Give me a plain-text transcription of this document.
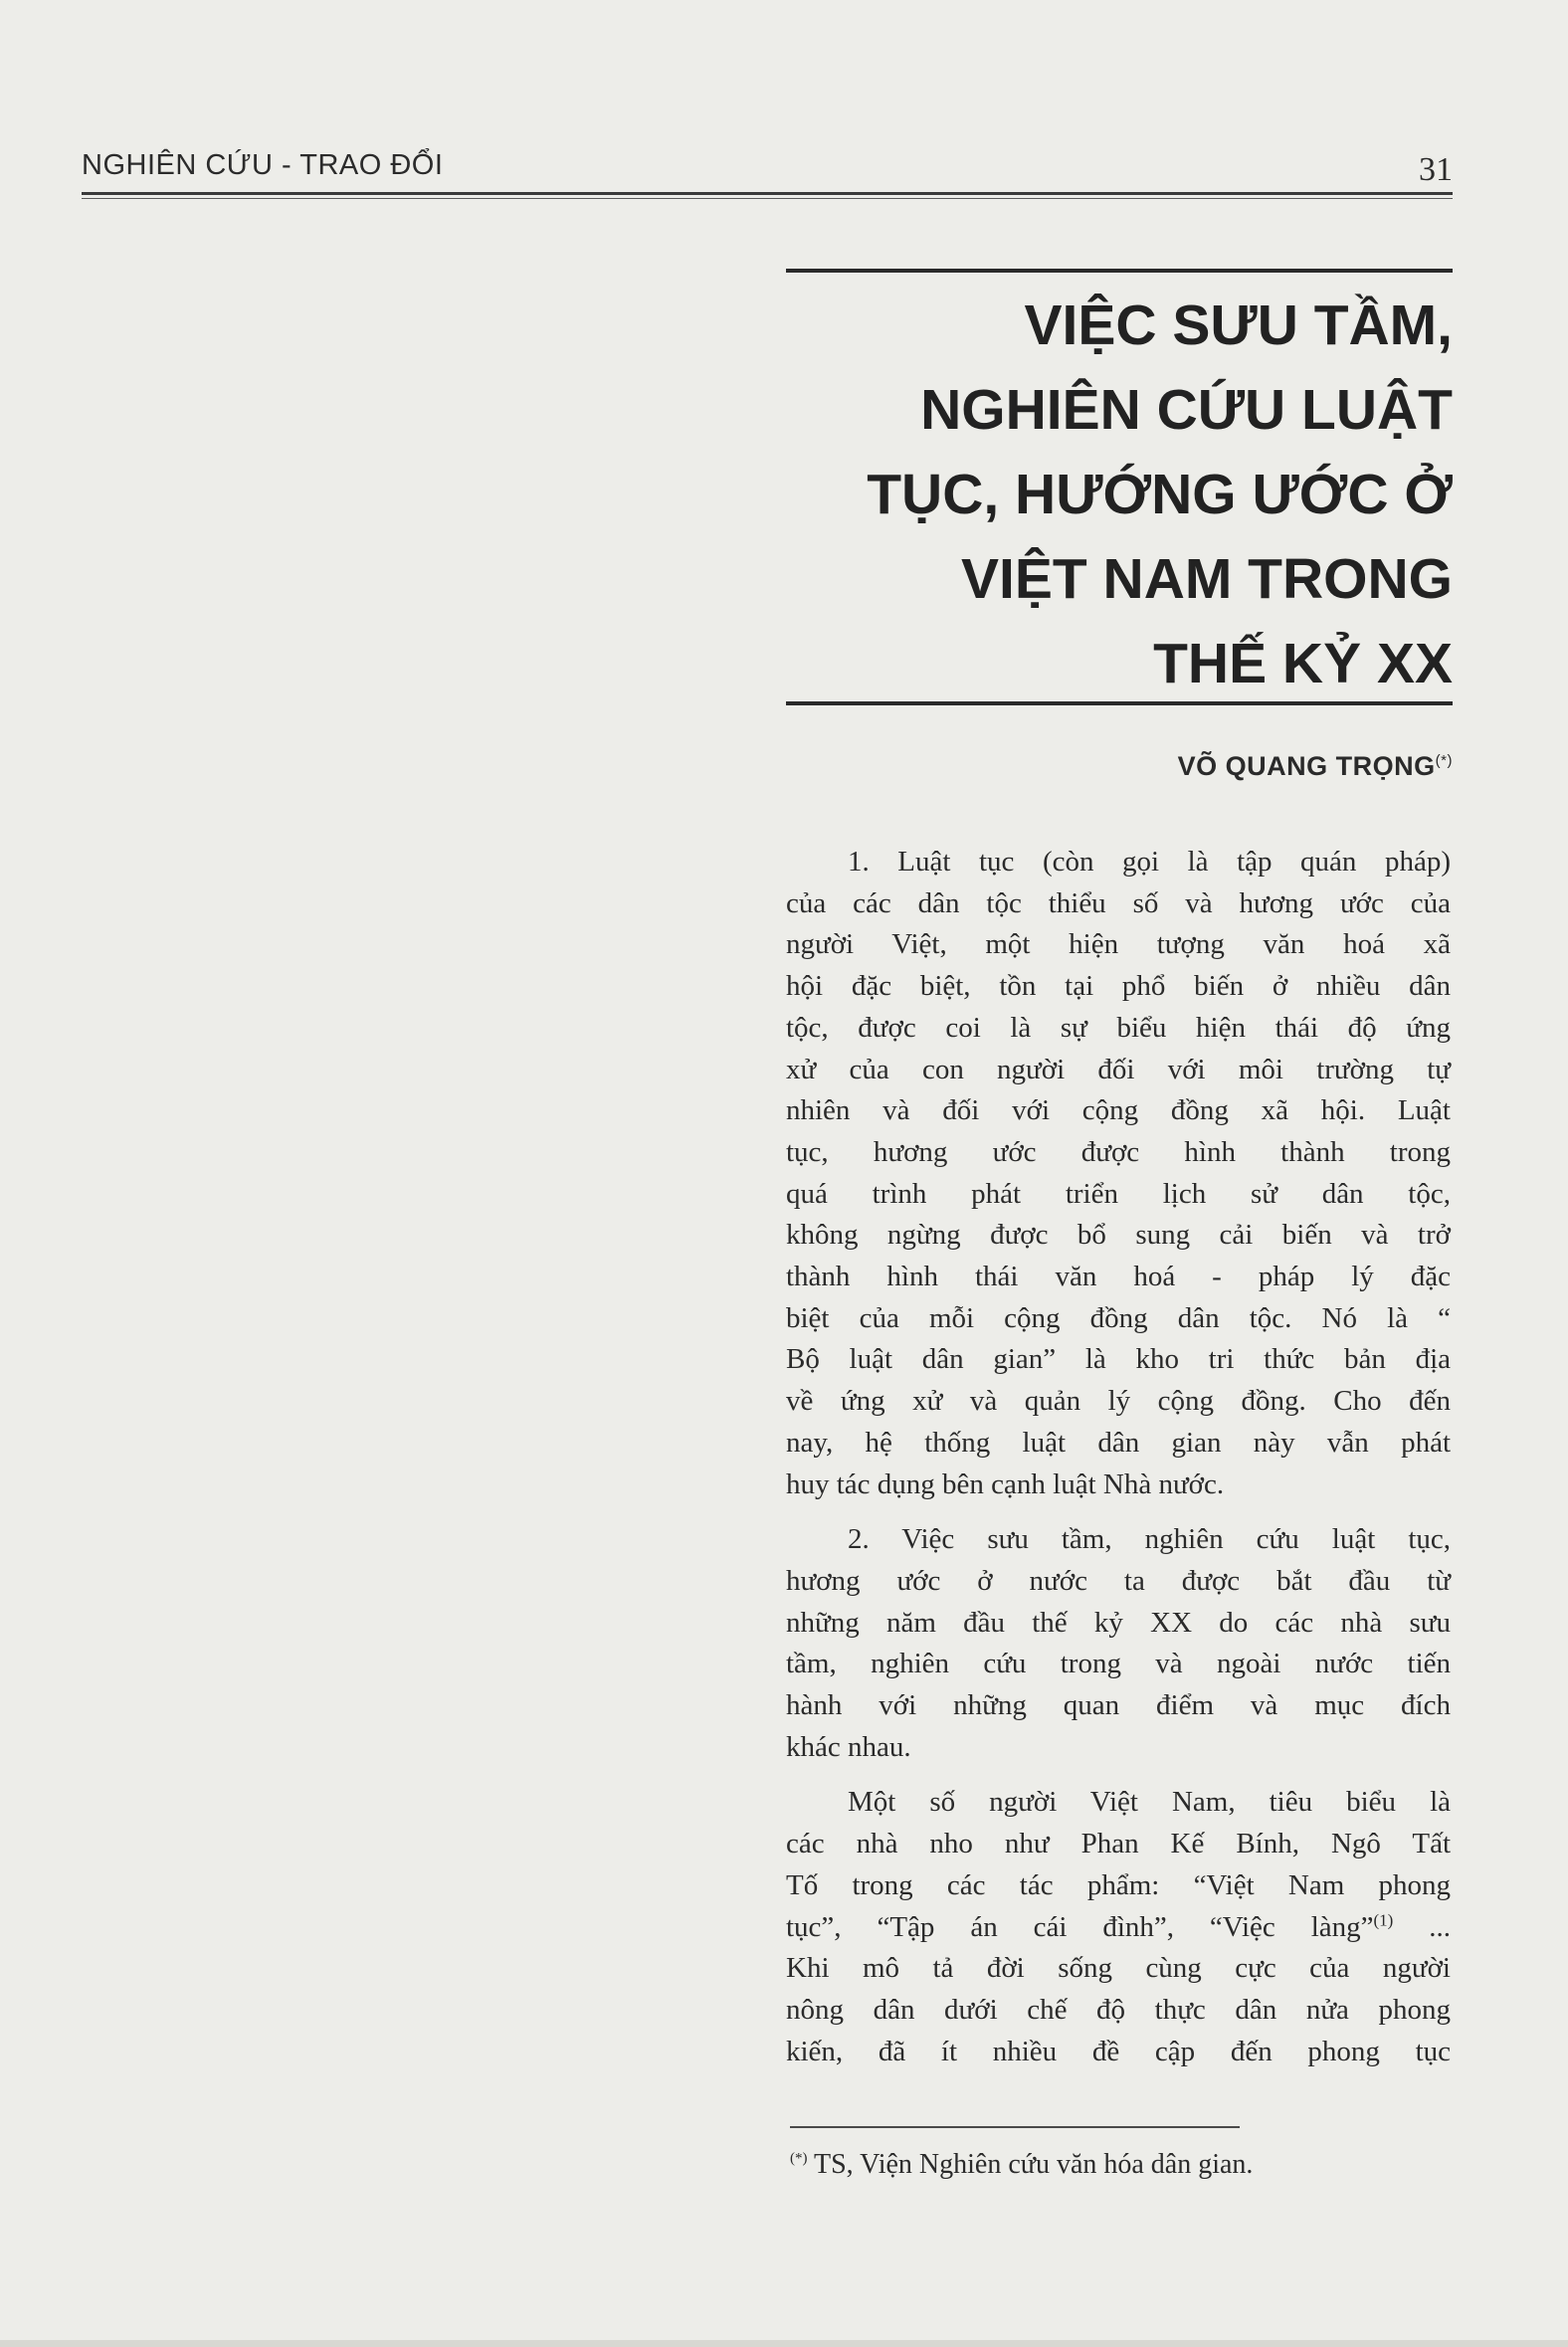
NGHIÊN CỨU - TRAO ĐỔI	31
VIỆC SƯU TẦM,
NGHIÊN CỨU LUẬT
TỤC, HƯỚNG ƯỚC Ở
VIỆT NAM TRONG
THẾ KỶ XX
VÕ QUANG TRỌNG(*)
1. Luật tục (còn gọi là tập quán pháp)
của các dân tộc thiểu số và hương ước của
người Việt, một hiện tượng văn hoá xã
hội đặc biệt, tồn tại phổ biến ở nhiều dân
tộc, được coi là sự biểu hiện thái độ ứng
xử của con người đối với môi trường tự
nhiên và đối với cộng đồng xã hội. Luật
tục, hương ước được hình thành trong
quá trình phát triển lịch sử dân tộc,
không ngừng được bổ sung cải biến và trở
thành hình thái văn hoá - pháp lý đặc
biệt của mỗi cộng đồng dân tộc. Nó là “
Bộ luật dân gian” là kho tri thức bản địa
về ứng xử và quản lý cộng đồng. Cho đến
nay, hệ thống luật dân gian này vẫn phát
huy tác dụng bên cạnh luật Nhà nước.
2. Việc sưu tầm, nghiên cứu luật tục,
hương ước ở nước ta được bắt đầu từ
những năm đầu thế kỷ XX do các nhà sưu
tầm, nghiên cứu trong và ngoài nước tiến
hành với những quan điểm và mục đích
khác nhau.
Một số người Việt Nam, tiêu biểu là
các nhà nho như Phan Kế Bính, Ngô Tất
Tố trong các tác phẩm: “Việt Nam phong
tục”, “Tập án cái đình”, “Việc làng”$^{(1)}$ ...
Khi mô tả đời sống cùng cực của người
nông dân dưới chế độ thực dân nửa phong
kiến, đã ít nhiều đề cập đến phong tục
(*) TS, Viện Nghiên cứu văn hóa dân gian.
